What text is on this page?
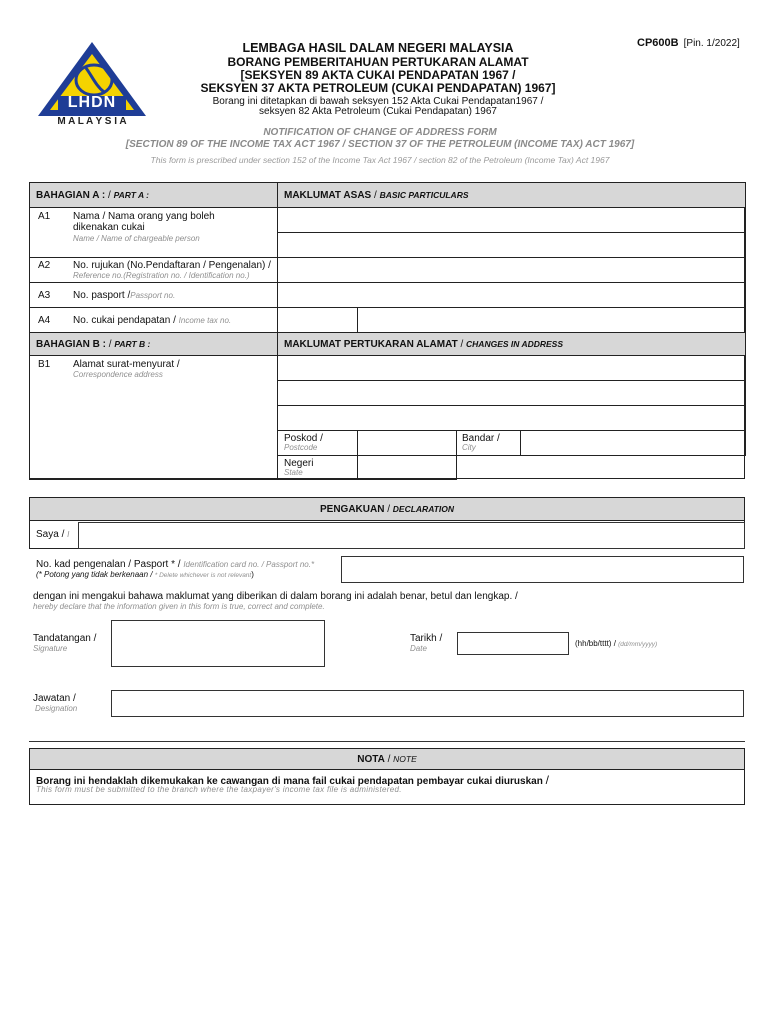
LHDN
M A L A Y S I A
LEMBAGA HASIL DALAM NEGERI MALAYSIA
BORANG PEMBERITAHUAN PERTUKARAN ALAMAT
[SEKSYEN 89 AKTA CUKAI PENDAPATAN 1967 /
SEKSYEN 37 AKTA PETROLEUM (CUKAI PENDAPATAN) 1967]
Borang ini ditetapkan di bawah seksyen 152 Akta Cukai Pendapatan1967 /
seksyen 82 Akta Petroleum (Cukai Pendapatan) 1967
CP600B [Pin. 1/2022]
NOTIFICATION OF CHANGE OF ADDRESS FORM
[SECTION 89 OF THE INCOME TAX ACT 1967 / SECTION 37 OF THE PETROLEUM (INCOME TAX) ACT 1967]
This form is prescribed under section 152 of the Income Tax Act 1967 / section 82 of the Petroleum (Income Tax) Act 1967
BAHAGIAN A : / PART A :	MAKLUMAT ASAS / BASIC PARTICULARS
A1 Nama / Nama orang yang boleh
dikenakan cukai
Name / Name of chargeable person
A2 No. rujukan (No.Pendaftaran / Pengenalan) /
Reference no.(Registration no. / Identification no.)
A3 No. pasport /Passport no.
A4 No. cukai pendapatan / Income tax no.
BAHAGIAN B : / PART B :	MAKLUMAT PERTUKARAN ALAMAT / CHANGES IN ADDRESS
B1 Alamat surat-menyurat /
Correspondence address
Poskod /
Postcode
Bandar /
City
Negeri
State
PENGAKUAN / DECLARATION
Saya / I
No. kad pengenalan / Pasport * / Identification card no. / Passport no.*
(* Potong yang tidak berkenaan / * Delete whichever is not relevant)
dengan ini mengakui bahawa maklumat yang diberikan di dalam borang ini adalah benar, betul dan lengkap. /
hereby declare that the information given in this form is true, correct and complete.
Tandatangan /
Signature
Tarikh /
Date
(hh/bb/tttt) / (dd/mm/yyyy)
Jawatan /
Designation
NOTA / NOTE
Borang ini hendaklah dikemukakan ke cawangan di mana fail cukai pendapatan pembayar cukai diuruskan /
This form must be submitted to the branch where the taxpayer's income tax file is administered.
